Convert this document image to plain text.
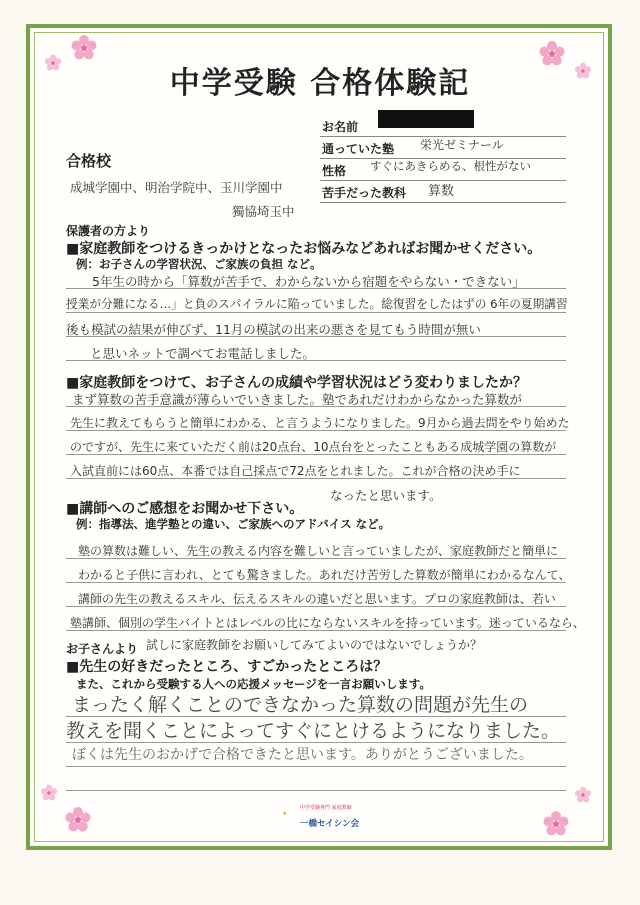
中学受験 合格体験記
お名前
通っていた塾 栄光ゼミナール
性格 すぐにあきらめる、根性がない
苦手だった教科 算数
合格校
成城学園中、明治学院中、玉川学園中
獨協埼玉中
保護者の方より
■家庭教師をつけるきっかけとなったお悩みなどあればお聞かせください。
例：お子さんの学習状況、ご家族の負担 など。
5年生の時から「算数が苦手で、わからないから宿題をやらない・できない」
授業が分難になる…」と負のスパイラルに陥っていました。総復習をしたはずの 6年の夏期講習
後も模試の結果が伸びず、11月の模試の出来の悪さを見てもう時間が無い
と思いネットで調べてお電話しました。
■家庭教師をつけて、お子さんの成績や学習状況はどう変わりましたか？
まず算数の苦手意識が薄らいでいきました。塾であれだけわからなかった算数が
先生に教えてもらうと簡単にわかる、と言うようになりました。9月から過去問をやり始めた
のですが、先生に来ていただく前は20点台、10点台をとったこともある成城学園の算数が
入試直前には60点、本番では自己採点で72点をとれました。これが合格の決め手に
なったと思います。
■講師へのご感想をお聞かせ下さい。
例：指導法、進学塾との違い、ご家族へのアドバイス など。
塾の算数は難しい、先生の教える内容を難しいと言っていましたが、家庭教師だと簡単に
わかると子供に言われ、とても驚きました。あれだけ苦労した算数が簡単にわかるなんて、
講師の先生の教えるスキル、伝えるスキルの違いだと思います。プロの家庭教師は、若い
塾講師、個別の学生バイトとはレベルの比にならないスキルを持っています。迷っているなら、
試しに家庭教師をお願いしてみてよいのではないでしょうか？
お子さんより
■先生の好きだったところ、すごかったところは？
また、これから受験する人への応援メッセージを一言お願いします。
まったく解くことのできなかった算数の問題が先生の
教えを聞くことによってすぐにとけるようになりました。
ぼくは先生のおかげで合格できたと思います。ありがとうございました。
中学受験専門 家庭教師
一橋セイシン会
